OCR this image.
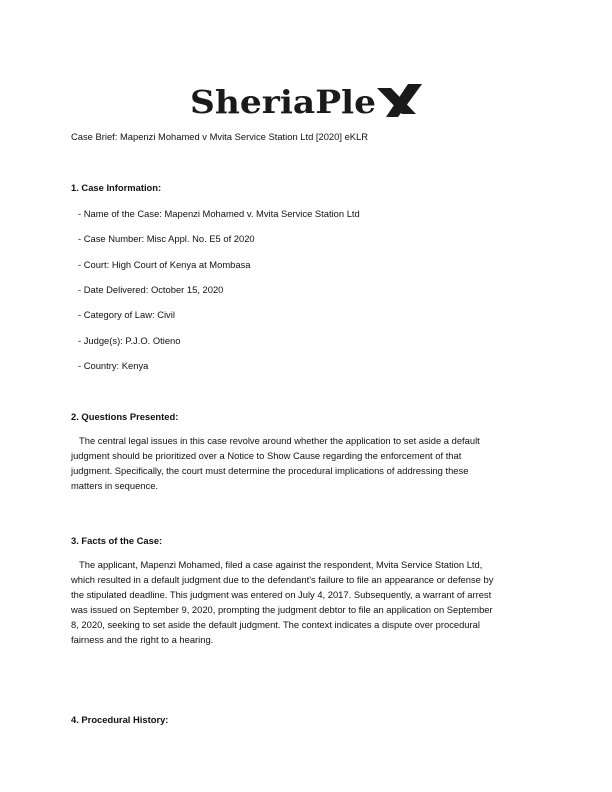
SheriaPle
Case Brief: Mapenzi Mohamed v Mvita Service Station Ltd [2020] eKLR
1. Case Information:
- Name of the Case: Mapenzi Mohamed v. Mvita Service Station Ltd
- Case Number: Misc Appl. No. E5 of 2020
- Court: High Court of Kenya at Mombasa
- Date Delivered: October 15, 2020
- Category of Law: Civil
- Judge(s): P.J.O. Otieno
- Country: Kenya
2. Questions Presented:
The central legal issues in this case revolve around whether the application to set aside a default
judgment should be prioritized over a Notice to Show Cause regarding the enforcement of that
judgment. Specifically, the court must determine the procedural implications of addressing these
matters in sequence.
3. Facts of the Case:
The applicant, Mapenzi Mohamed, filed a case against the respondent, Mvita Service Station Ltd,
which resulted in a default judgment due to the defendant's failure to file an appearance or defense by
the stipulated deadline. This judgment was entered on July 4, 2017. Subsequently, a warrant of arrest
was issued on September 9, 2020, prompting the judgment debtor to file an application on September
8, 2020, seeking to set aside the default judgment. The context indicates a dispute over procedural
fairness and the right to a hearing.
4. Procedural History:
